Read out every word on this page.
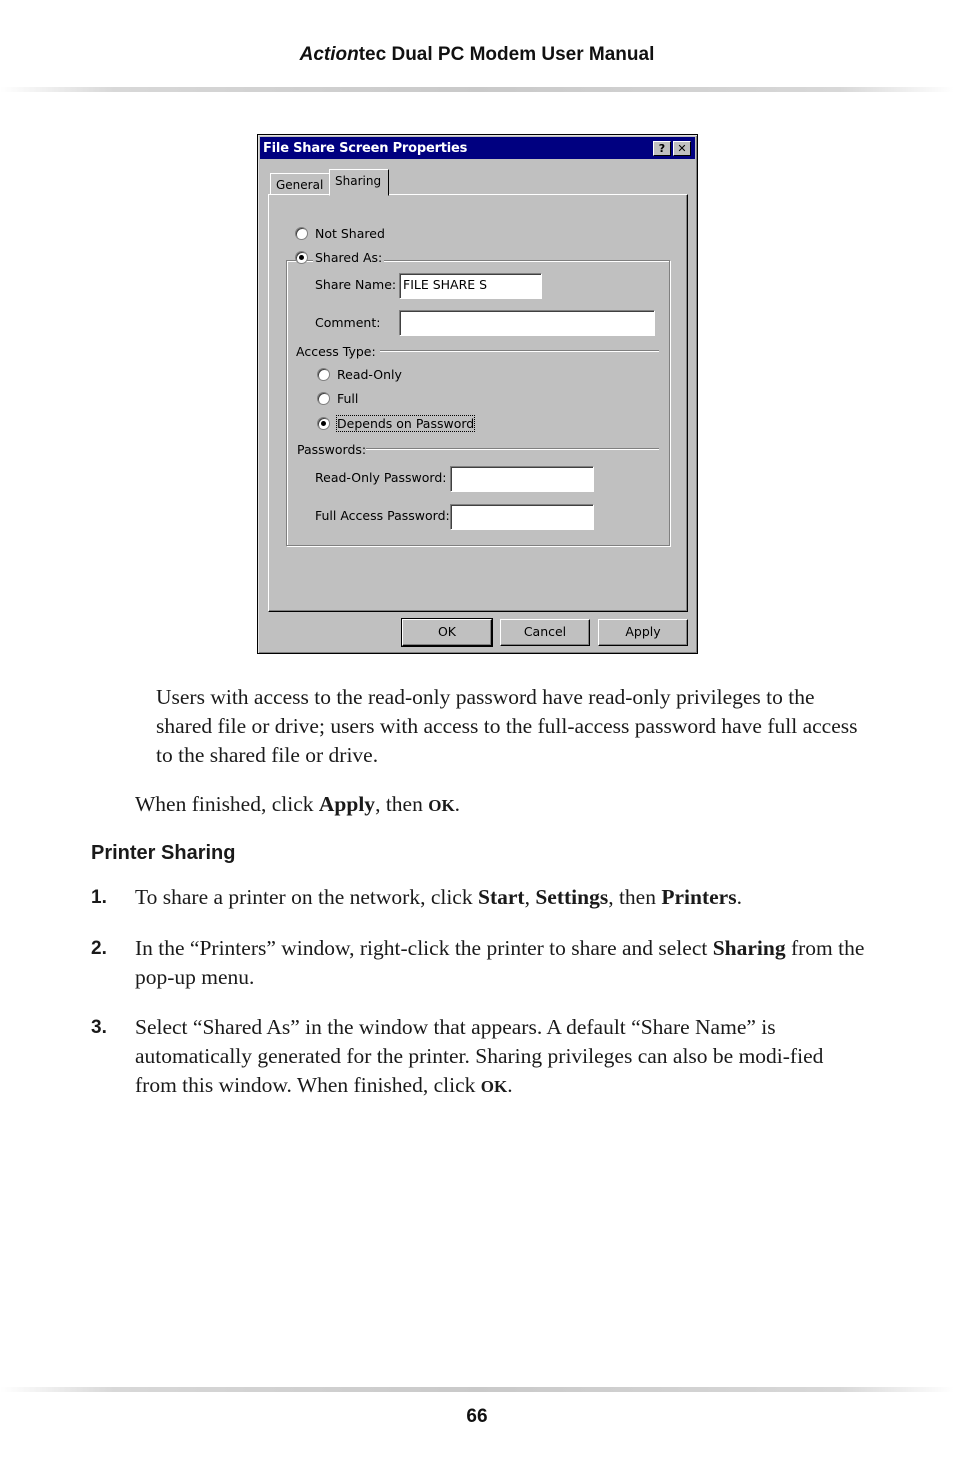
Actiontec Dual PC Modem User Manual
File Share Screen Properties	?	✕
General Sharing
Not Shared
Shared As:
Share Name: FILE SHARE S
Comment:
Access Type:
Read-Only
Full
Depends on Password
Passwords:
Read-Only Password:
Full Access Password:
OK	Cancel	Apply

Users with access to the read-only password have read-only privileges to the shared file or drive; users with access to the full-access password have full access to the shared file or drive.

When finished, click Apply, then OK.

Printer Sharing
1. To share a printer on the network, click Start, Settings, then Printers.

2. In the “Printers” window, right-click the printer to share and select Sharing from the pop-up menu.

3. Select “Shared As” in the window that appears. A default “Share Name” is automatically generated for the printer. Sharing privileges can also be modi-fied from this window. When finished, click OK.

66
